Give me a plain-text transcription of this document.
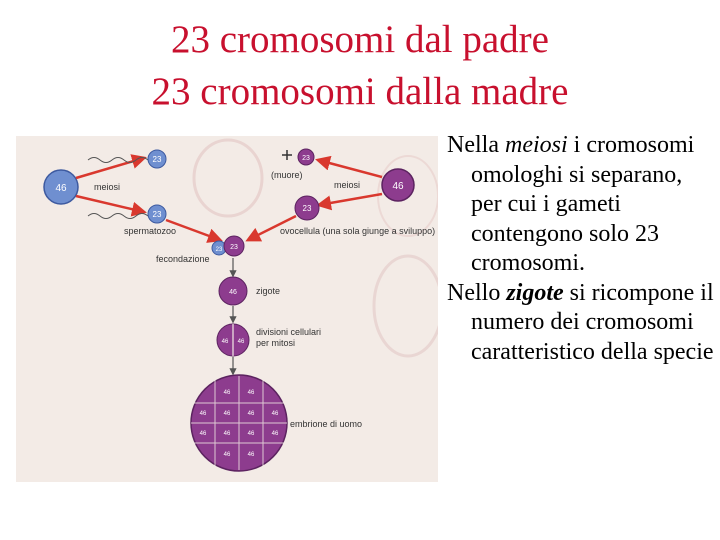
23 cromosomi dal padre
23 cromosomi dalla madre
46	meiosi
23
23
spermatozoo
46
meiosi
23
(muore)
23
ovocellula (una sola giunge a sviluppo)
23 23
fecondazione
46 zigote
46 46
divisioni cellulari
per mitosi
46	46
46	46	46	46
46	46	46	46
46	46
embrione di uomo

Nella meiosi i cromosomi omologhi si separano, per cui i gameti contengono solo 23 cromosomi.

Nello zigote si ricompone il numero dei cromosomi caratteristico della specie
